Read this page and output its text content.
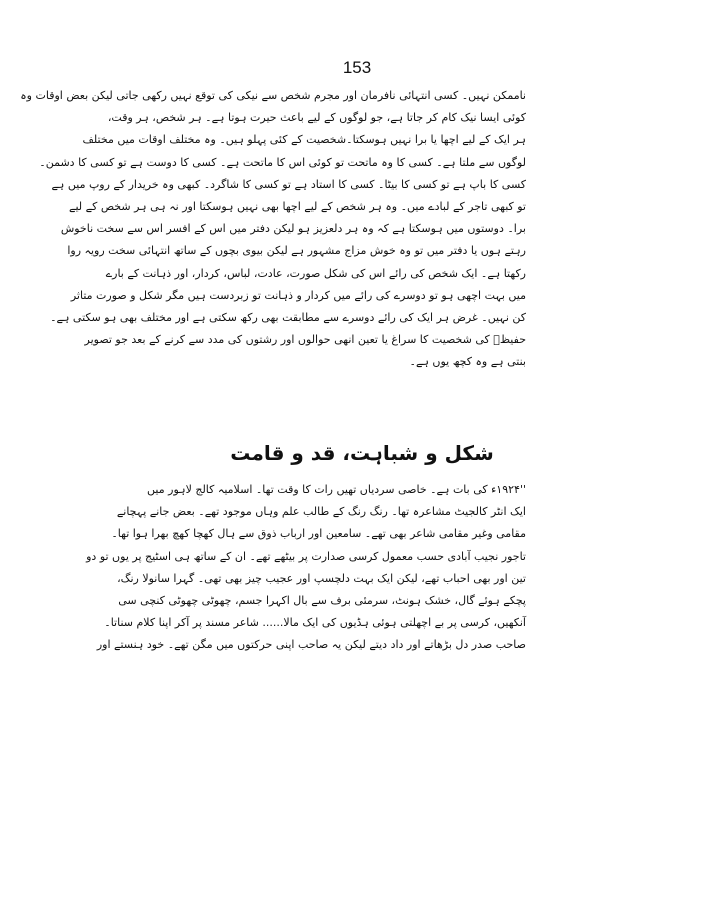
153
ناممکن نہیں۔ کسی انتہائی نافرمان اور مجرم شخص سے نیکی کی توقع نہیں رکھی جاتی لیکن بعض اوقات وہ
کوئی ایسا نیک کام کر جاتا ہے، جو لوگوں کے لیے باعث حیرت ہوتا ہے۔ ہر شخص، ہر وقت،
ہر ایک کے لیے اچھا یا برا نہیں ہوسکتا۔شخصیت کے کئی پہلو ہیں۔ وہ مختلف اوقات میں مختلف
لوگوں سے ملتا ہے۔ کسی کا وہ ماتحت تو کوئی اس کا ماتحت ہے۔ کسی کا دوست ہے تو کسی کا دشمن۔
کسی کا باپ ہے تو کسی کا بیٹا۔ کسی کا استاد ہے تو کسی کا شاگرد۔ کبھی وہ خریدار کے روپ میں ہے
تو کبھی تاجر کے لبادے میں۔ وہ ہر شخص کے لیے اچھا بھی نہیں ہوسکتا اور نہ ہی ہر شخص کے لیے
برا۔ دوستوں میں ہوسکتا ہے کہ وہ ہر دلعزیز ہو لیکن دفتر میں اس کے افسر اس سے سخت ناخوش
رہتے ہوں یا دفتر میں تو وہ خوش مزاج مشہور ہے لیکن بیوی بچوں کے ساتھ انتہائی سخت رویہ روا
رکھتا ہے۔ ایک شخص کی رائے اس کی شکل صورت، عادت، لباس، کردار، اور ذہانت کے بارے
میں بہت اچھی ہو تو دوسرے کی رائے میں کردار و ذہانت تو زبردست ہیں مگر شکل و صورت متاثر
کن نہیں۔ غرض ہر ایک کی رائے دوسرے سے مطابقت بھی رکھ سکتی ہے اور مختلف بھی ہو سکتی ہے۔
حفیظؔ کی شخصیت کا سراغ یا تعین انھی حوالوں اور رشتوں کی مدد سے کرنے کے بعد جو تصویر
بنتی ہے وہ کچھ یوں ہے۔
شکل و شباہت، قد و قامت
''۱۹۲۴ء کی بات ہے۔ خاصی سردیاں تھیں رات کا وقت تھا۔ اسلامیہ کالج لاہور میں
ایک انٹر کالجیٹ مشاعرہ تھا۔ رنگ رنگ کے طالب علم وہاں موجود تھے۔ بعض جانے پہچانے
مقامی وغیر مقامی شاعر بھی تھے۔ سامعین اور ارباب ذوق سے ہال کھچا کھچ بھرا ہوا تھا۔
تاجور نجیب آبادی حسب معمول کرسی صدارت پر بیٹھے تھے۔ ان کے ساتھ ہی اسٹیج پر یوں تو دو
تین اور بھی احباب تھے، لیکن ایک بہت دلچسپ اور عجیب چیز بھی تھی۔ گہرا سانولا رنگ،
پچکے ہوئے گال، خشک ہونٹ، سرمئی برف سے بال اکہرا جسم، چھوٹی چھوٹی کنچی سی
آنکھیں، کرسی پر بے اچھلتی ہوئی ہڈیوں کی ایک مالا...... شاعر مسند پر آکر اپنا کلام سناتا۔
صاحب صدر دل بڑھاتے اور داد دیتے لیکن یہ صاحب اپنی حرکتوں میں مگن تھے۔ خود ہنستے اور
